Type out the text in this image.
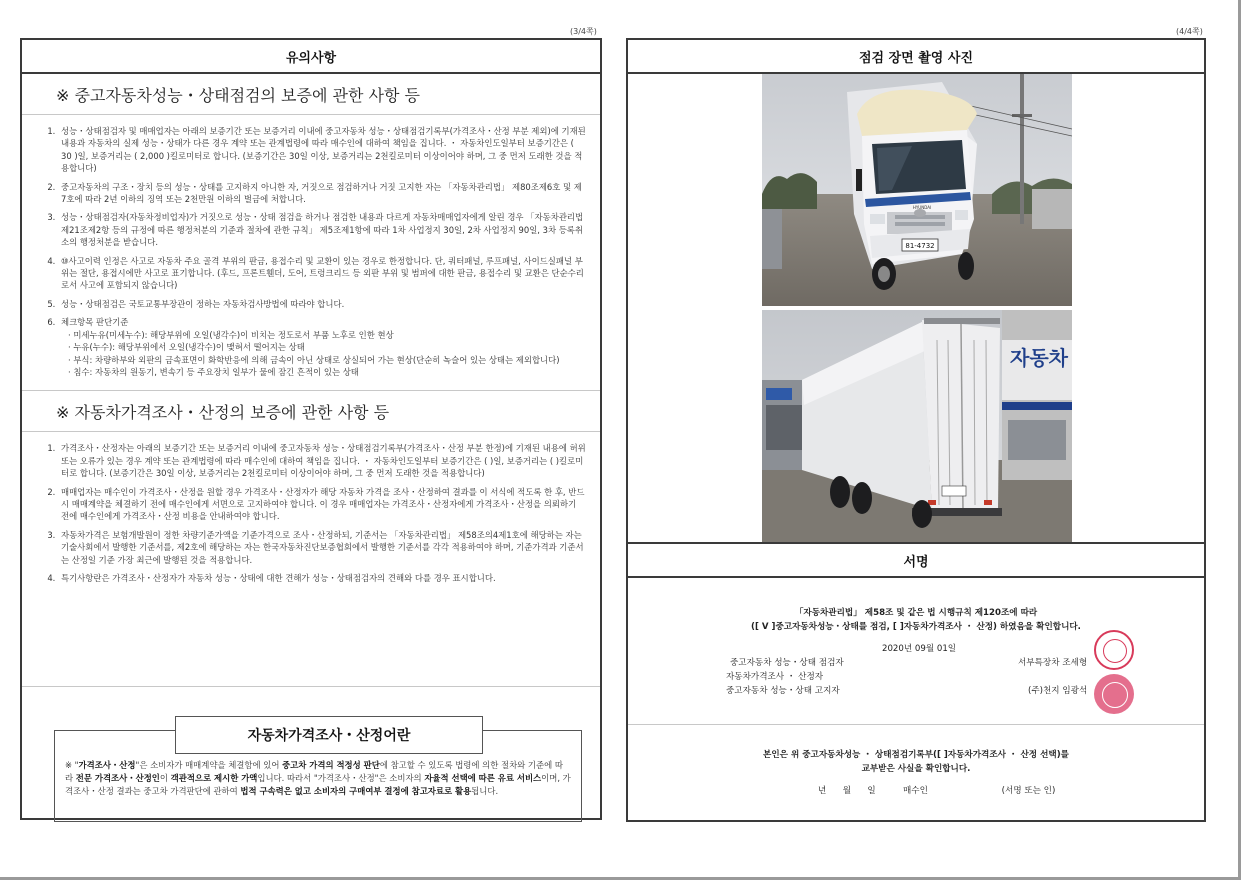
(3/4쪽)	(4/4쪽)
유의사항
※ 중고자동차성능・상태점검의 보증에 관한 사항 등
1. 성능・상태점검자 및 매매업자는 아래의 보증기간 또는 보증거리 이내에 중고자동차 성능・상태점검기록부(가격조사・산정 부분 제외)에 기재된 내용과 자동차의 실제 성능・상태가 다른 경우 계약 또는 관계법령에 따라 매수인에 대하여 책임을 집니다. ・ 자동차인도일부터 보증기간은 ( 30 )일, 보증거리는 ( 2,000 )킬로미터로 합니다. (보증기간은 30일 이상, 보증거리는 2천킬로미터 이상이어야 하며, 그 중 먼저 도래한 것을 적용합니다)
2. 중고자동차의 구조・장치 등의 성능・상태를 고지하지 아니한 자, 거짓으로 점검하거나 거짓 고지한 자는 「자동차관리법」 제80조제6호 및 제7호에 따라 2년 이하의 징역 또는 2천만원 이하의 벌금에 처합니다.
3. 성능・상태점검자(자동차정비업자)가 거짓으로 성능・상태 점검을 하거나 점검한 내용과 다르게 자동차매매업자에게 알린 경우 「자동차관리법 제21조제2항 등의 규정에 따른 행정처분의 기준과 절차에 관한 규칙」 제5조제1항에 따라 1차 사업정지 30일, 2차 사업정지 90일, 3차 등록취소의 행정처분을 받습니다.
4. ⑩사고이력 인정은 사고로 자동차 주요 골격 부위의 판금, 용접수리 및 교환이 있는 경우로 한정합니다. 단, 쿼터패널, 루프패널, 사이드실패널 부위는 절단, 용접시에만 사고로 표기합니다. (후드, 프론트휀더, 도어, 트렁크리드 등 외판 부위 및 범퍼에 대한 판금, 용접수리 및 교환은 단순수리로서 사고에 포함되지 않습니다)
5. 성능・상태점검은 국토교통부장관이 정하는 자동차검사방법에 따라야 합니다.
6. 체크항목 판단기준
· 미세누유(미세누수): 해당부위에 오일(냉각수)이 비치는 정도로서 부품 노후로 인한 현상
· 누유(누수): 해당부위에서 오일(냉각수)이 맺혀서 떨어지는 상태
· 부식: 차량하부와 외판의 금속표면이 화학반응에 의해 금속이 아닌 상태로 상실되어 가는 현상(단순히 녹슬어 있는 상태는 제외합니다)
· 침수: 자동차의 원동기, 변속기 등 주요장치 일부가 물에 잠긴 흔적이 있는 상태
※ 자동차가격조사・산정의 보증에 관한 사항 등
1. 가격조사・산정자는 아래의 보증기간 또는 보증거리 이내에 중고자동차 성능・상태점검기록부(가격조사・산정 부분 한정)에 기재된 내용에 허위 또는 오류가 있는 경우 계약 또는 관계법령에 따라 매수인에 대하여 책임을 집니다. ・ 자동차인도일부터 보증기간은 ( )일, 보증거리는 ( )킬로미터로 합니다. (보증기간은 30일 이상, 보증거리는 2천킬로미터 이상이어야 하며, 그 중 먼저 도래한 것을 적용합니다)
2. 매매업자는 매수인이 가격조사・산정을 원할 경우 가격조사・산정자가 해당 자동차 가격을 조사・산정하여 결과를 이 서식에 적도록 한 후, 반드시 매매계약을 체결하기 전에 매수인에게 서면으로 고지하여야 합니다. 이 경우 매매업자는 가격조사・산정자에게 가격조사・산정을 의뢰하기 전에 매수인에게 가격조사・산정 비용을 안내하여야 합니다.
3. 자동차가격은 보험개발원이 정한 차량기준가액을 기준가격으로 조사・산정하되, 기준서는 「자동차관리법」 제58조의4제1호에 해당하는 자는 기술사회에서 발행한 기준서를, 제2호에 해당하는 자는 한국자동차진단보증협회에서 발행한 기준서를 각각 적용하여야 하며, 기준가격과 기준서는 산정일 기준 가장 최근에 발행된 것을 적용합니다.
4. 특기사항란은 가격조사・산정자가 자동차 성능・상태에 대한 견해가 성능・상태점검자의 견해와 다를 경우 표시합니다.
자동차가격조사・산정어란
※ "가격조사・산정"은 소비자가 매매계약을 체결함에 있어 중고차 가격의 적정성 판단에 참고할 수 있도록 법령에 의한 절차와 기준에 따라 전문 가격조사・산정인이 객관적으로 제시한 가액입니다. 따라서 "가격조사・산정"은 소비자의 자율적 선택에 따른 유료 서비스이며, 가격조사・산정 결과는 중고차 가격판단에 관하여 법적 구속력은 없고 소비자의 구매여부 결정에 참고자료로 활용됩니다.
점검 장면 촬영 사진
81-4732
HYUNDAI
자동차
서명
「자동차관리법」 제58조 및 같은 법 시행규칙 제120조에 따라
([ V ]중고자동차성능・상태를 점검, [ ]자동차가격조사 ・ 산정) 하였음을 확인합니다.
2020년 09월 01일
중고자동차 성능・상태 점검자	서부특장차 조세형
자동차가격조사 ・ 산정자
중고자동차 성능・상태 고지자	(주)천지 임광석
본인은 위 중고자동차성능 ・ 상태점검기록부([ ]자동차가격조사 ・ 산정 선택)를
교부받은 사실을 확인합니다.
년      월      일          매수인                           (서명 또는 인)
